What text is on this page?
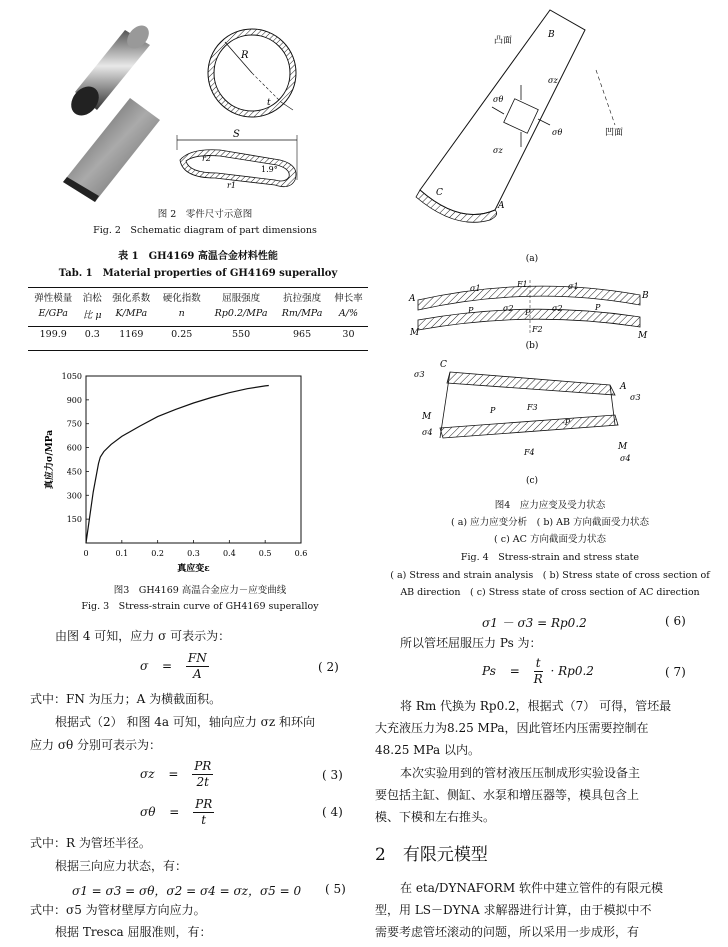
R
t
S
r2
r1
1.9°
图 2　零件尺寸示意图
Fig. 2　Schematic diagram of part dimensions
表 1　GH4169 高温合金材料性能
Tab. 1　Material properties of GH4169 superalloy
弹性模量	泊松	强化系数	硬化指数	屈服强度	抗拉强度	伸长率
E/GPa	比 μ	K/MPa	n	Rp0.2/MPa	Rm/MPa	A/%
199.9	0.3	1169	0.25	550	965	30
0	0.1	0.2	0.3	0.4	0.5	0.6
150
300
450
600
750
900
1050
真应变ε
真应力σ/MPa
图3　GH4169 高温合金应力－应变曲线
Fig. 3　Stress-strain curve of GH4169 superalloy
凸面
B
凹面
σz
σθ
σθ
σz
C
A
(a)
A	B
M	M
σ1	F1	σ1
σ2	σ2
P	P
P
F2
(b)
C
A
σ3
σ3
M
M
σ4
σ4
P	F3
-P
F4
(c)
图4　应力应变及受力状态
( a) 应力应变分析　( b) AB 方向截面受力状态
( c) AC 方向截面受力状态
Fig. 4　Stress-strain and stress state
( a) Stress and strain analysis　( b) Stress state of cross section of
AB direction　( c) Stress state of cross section of AC direction
由图 4 可知，应力 σ 可表示为：
$\sigma = \frac{FN}{A}$	( 2)
式中：FN 为压力；A 为横截面积。
根据式（2） 和图 4a 可知，轴向应力 σz 和环向
应力 σθ 分别可表示为：
$\sigma z = \frac{PR}{2t}$	( 3)
$\sigma\theta = \frac{PR}{t}$	( 4)
式中：R 为管坯半径。
根据三向应力状态，有：
σ1 = σ3 = σθ，σ2 = σ4 = σz，σ5 = 0 ( 5)
式中：σ5 为管材壁厚方向应力。
根据 Tresca 屈服准则，有：
σ1 － σ3 = Rp0.2	( 6)
所以管坯屈服压力 Ps 为：
$Ps = \frac{t}{R} \cdot Rp0.2$	( 7)
将 Rm 代换为 Rp0.2，根据式（7） 可得，管坯最
大充液压力为8.25 MPa，因此管坯内压需要控制在
48.25 MPa 以内。
本次实验用到的管材液压压制成形实验设备主
要包括主缸、侧缸、水泵和增压器等，模具包含上
模、下模和左右推头。
2　有限元模型
在 eta/DYNAFORM 软件中建立管件的有限元模
型，用 LS－DYNA 求解器进行计算，由于模拟中不
需要考虑管坯滚动的问题，所以采用一步成形，有
